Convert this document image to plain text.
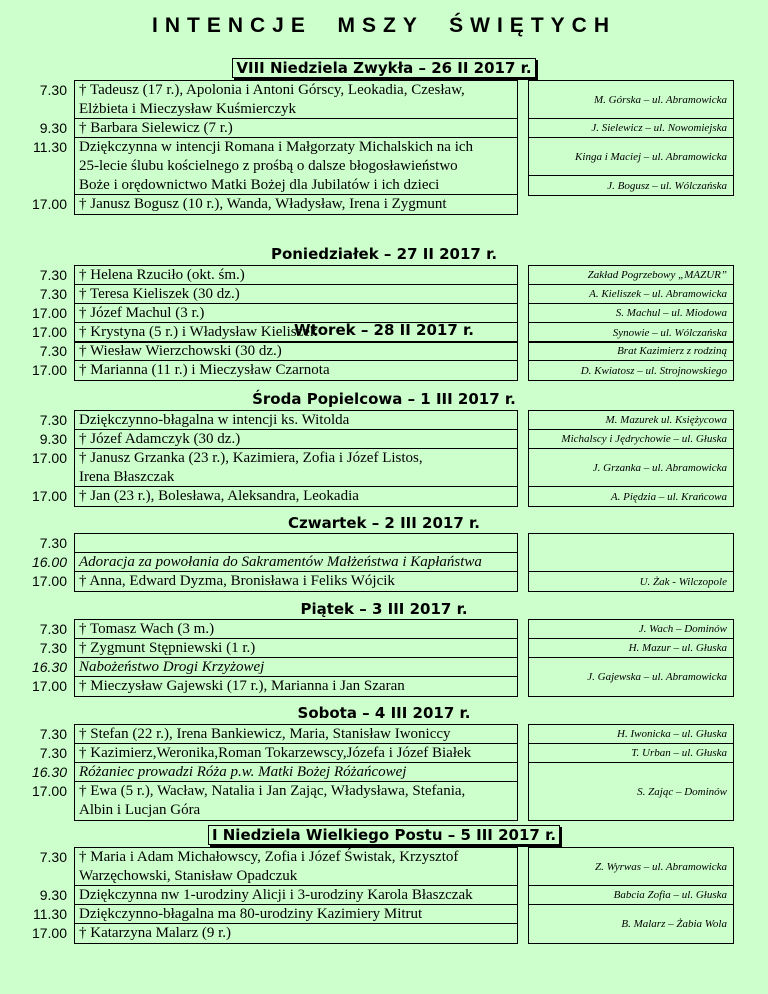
INTENCJE  MSZY  ŚWIĘTYCH
VIII Niedziela Zwykła – 26 II 2017 r.
7.30 † Tadeusz (17 r.), Apolonia i Antoni Górscy, Leokadia, Czesław,
Elżbieta i Mieczysław Kuśmierczyk
9.30 † Barbara Sielewicz (7 r.)
11.30 Dziękczynna w intencji Romana i Małgorzaty Michalskich na ich
25-lecie ślubu kościelnego z prośbą o dalsze błogosławieństwo
Boże i orędownictwo Matki Bożej dla Jubilatów i ich dzieci
17.00 † Janusz Bogusz (10 r.), Wanda, Władysław, Irena i Zygmunt
M. Górska – ul. Abramowicka
J. Sielewicz – ul. Nowomiejska
Kinga i Maciej – ul. Abramowicka
J. Bogusz – ul. Wólczańska
Poniedziałek – 27 II 2017 r.
7.30 † Helena Rzuciło (okt. śm.)
7.30 † Teresa Kieliszek (30 dz.)
17.00 † Józef Machul (3 r.)
17.00 † Krystyna (5 r.) i Władysław Kieliszek
Zakład Pogrzebowy „MAZUR”
A. Kieliszek – ul. Abramowicka
S. Machul – ul. Miodowa
Synowie – ul. Wólczańska
Wtorek – 28 II 2017 r.
7.30 † Wiesław Wierzchowski (30 dz.)
17.00 † Marianna (11 r.) i Mieczysław Czarnota
Brat Kazimierz z rodziną
D. Kwiatosz – ul. Strojnowskiego
Środa Popielcowa – 1 III 2017 r.
7.30 Dziękczynno-błagalna w intencji ks. Witolda
9.30 † Józef Adamczyk (30 dz.)
17.00 † Janusz Grzanka (23 r.), Kazimiera, Zofia i Józef Listos,
Irena Błaszczak
17.00 † Jan (23 r.), Bolesława, Aleksandra, Leokadia
M. Mazurek ul. Księżycowa
Michalscy i Jędrychowie – ul. Głuska
J. Grzanka – ul. Abramowicka
A. Piędzia – ul. Krańcowa
Czwartek – 2 III 2017 r.
7.30
16.00 Adoracja za powołania do Sakramentów Małżeństwa i Kapłaństwa
17.00 † Anna, Edward Dyzma, Bronisława i Feliks Wójcik	U. Żak - Wilczopole
Piątek – 3 III 2017 r.
7.30 † Tomasz Wach (3 m.)
7.30 † Zygmunt Stępniewski (1 r.)
16.30 Nabożeństwo Drogi Krzyżowej
17.00 † Mieczysław Gajewski (17 r.), Marianna i Jan Szaran
J. Wach – Dominów
H. Mazur – ul. Głuska
J. Gajewska – ul. Abramowicka
Sobota – 4 III 2017 r.
7.30 † Stefan (22 r.), Irena Bankiewicz, Maria, Stanisław Iwoniccy
7.30 † Kazimierz,Weronika,Roman Tokarzewscy,Józefa i Józef Białek
16.30 Różaniec prowadzi Róża p.w. Matki Bożej Różańcowej
17.00 † Ewa (5 r.), Wacław, Natalia i Jan Zając, Władysława, Stefania,
Albin i Lucjan Góra
H. Iwonicka – ul. Głuska
T. Urban – ul. Głuska
S. Zając – Dominów
I Niedziela Wielkiego Postu – 5 III 2017 r.
7.30 † Maria i Adam Michałowscy, Zofia i Józef Świstak, Krzysztof
Warzęchowski, Stanisław Opadczuk
9.30 Dziękczynna nw 1-urodziny Alicji i 3-urodziny Karola Błaszczak
11.30 Dziękczynno-błagalna ma 80-urodziny Kazimiery Mitrut
17.00 † Katarzyna Malarz (9 r.)
Z. Wyrwas – ul. Abramowicka
Babcia Zofia – ul. Głuska
B. Malarz – Żabia Wola
